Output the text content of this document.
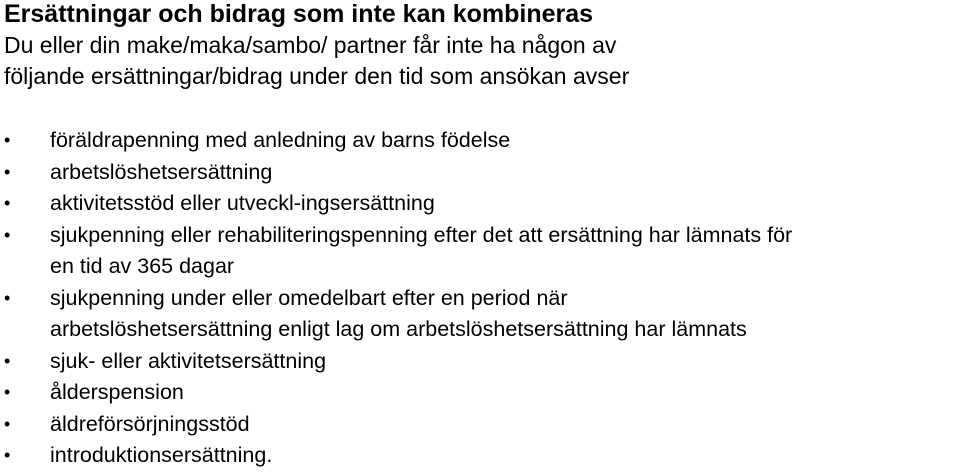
Ersättningar och bidrag som inte kan kombineras

Du eller din make/maka/sambo/ partner får inte ha någon av
följande ersättningar/bidrag under den tid som ansökan avser

• föräldrapenning med anledning av barns födelse
• arbetslöshetsersättning
• aktivitetsstöd eller utveckl-ingsersättning
• sjukpenning eller rehabiliteringspenning efter det att ersättning har lämnats för
en tid av 365 dagar
• sjukpenning under eller omedelbart efter en period när
arbetslöshetsersättning enligt lag om arbetslöshetsersättning har lämnats
• sjuk- eller aktivitetsersättning
• ålderspension
• äldreförsörjningsstöd
• introduktionsersättning.
